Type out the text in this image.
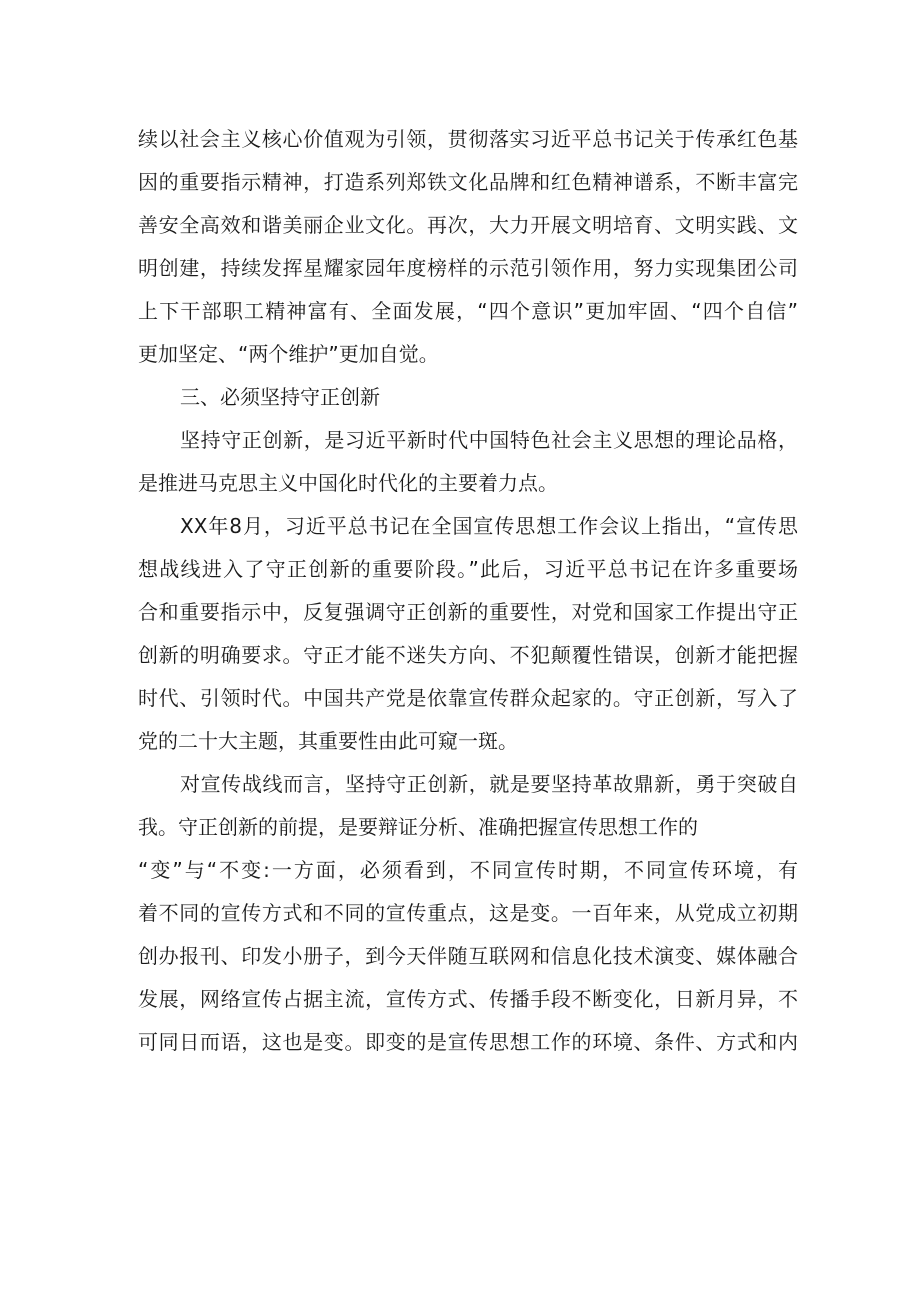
续以社会主义核心价值观为引领，贯彻落实习近平总书记关于传承红色基
因的重要指示精神，打造系列郑铁文化品牌和红色精神谱系，不断丰富完
善安全高效和谐美丽企业文化。再次，大力开展文明培育、文明实践、文
明创建，持续发挥星耀家园年度榜样的示范引领作用，努力实现集团公司
上下干部职工精神富有、全面发展，“四个意识”更加牢固、“四个自信”
更加坚定、“两个维护”更加自觉。
三、必须坚持守正创新
坚持守正创新，是习近平新时代中国特色社会主义思想的理论品格，
是推进马克思主义中国化时代化的主要着力点。
XX年8月，习近平总书记在全国宣传思想工作会议上指出，“宣传思
想战线进入了守正创新的重要阶段。”此后，习近平总书记在许多重要场
合和重要指示中，反复强调守正创新的重要性，对党和国家工作提出守正
创新的明确要求。守正才能不迷失方向、不犯颠覆性错误，创新才能把握
时代、引领时代。中国共产党是依靠宣传群众起家的。守正创新，写入了
党的二十大主题，其重要性由此可窥一斑。
对宣传战线而言，坚持守正创新，就是要坚持革故鼎新，勇于突破自
我。守正创新的前提，是要辩证分析、准确把握宣传思想工作的
“变”与“不变:一方面，必须看到，不同宣传时期，不同宣传环境，有
着不同的宣传方式和不同的宣传重点，这是变。一百年来，从党成立初期
创办报刊、印发小册子，到今天伴随互联网和信息化技术演变、媒体融合
发展，网络宣传占据主流，宣传方式、传播手段不断变化，日新月异，不
可同日而语，这也是变。即变的是宣传思想工作的环境、条件、方式和内
